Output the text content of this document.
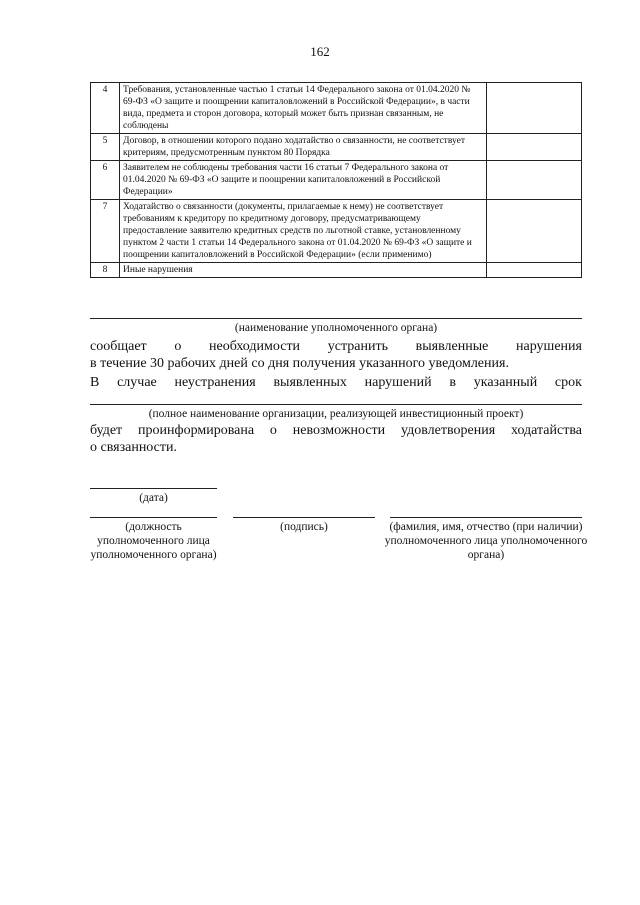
162
4	Требования, установленные частью 1 статьи 14 Федерального закона от 01.04.2020 № 69-ФЗ «О защите и поощрении капиталовложений в Российской Федерации», в части вида, предмета и сторон договора, который может быть признан связанным, не соблюдены	
5	Договор, в отношении которого подано ходатайство о связанности, не соответствует критериям, предусмотренным пунктом 80 Порядка	
6	Заявителем не соблюдены требования части 16 статьи 7 Федерального закона от 01.04.2020 № 69-ФЗ «О защите и поощрении капиталовложений в Российской Федерации»	
7	Ходатайство о связанности (документы, прилагаемые к нему) не соответствует требованиям к кредитору по кредитному договору, предусматривающему предоставление заявителю кредитных средств по льготной ставке, установленному пунктом 2 части 1 статьи 14 Федерального закона от 01.04.2020 № 69-ФЗ «О защите и поощрении капиталовложений в Российской Федерации» (если применимо)	
8	Иные нарушения	
(наименование уполномоченного органа)
сообщает о необходимости устранить выявленные нарушения
в течение 30 рабочих дней со дня получения указанного уведомления.
В случае неустранения выявленных нарушений в указанный срок
(полное наименование организации, реализующей инвестиционный проект)
будет проинформирована о невозможности удовлетворения ходатайства
о связанности.
(дата)
(должность уполномоченного лица уполномоченного органа)
(подпись)	(фамилия, имя, отчество (при наличии) уполномоченного лица уполномоченного органа)
